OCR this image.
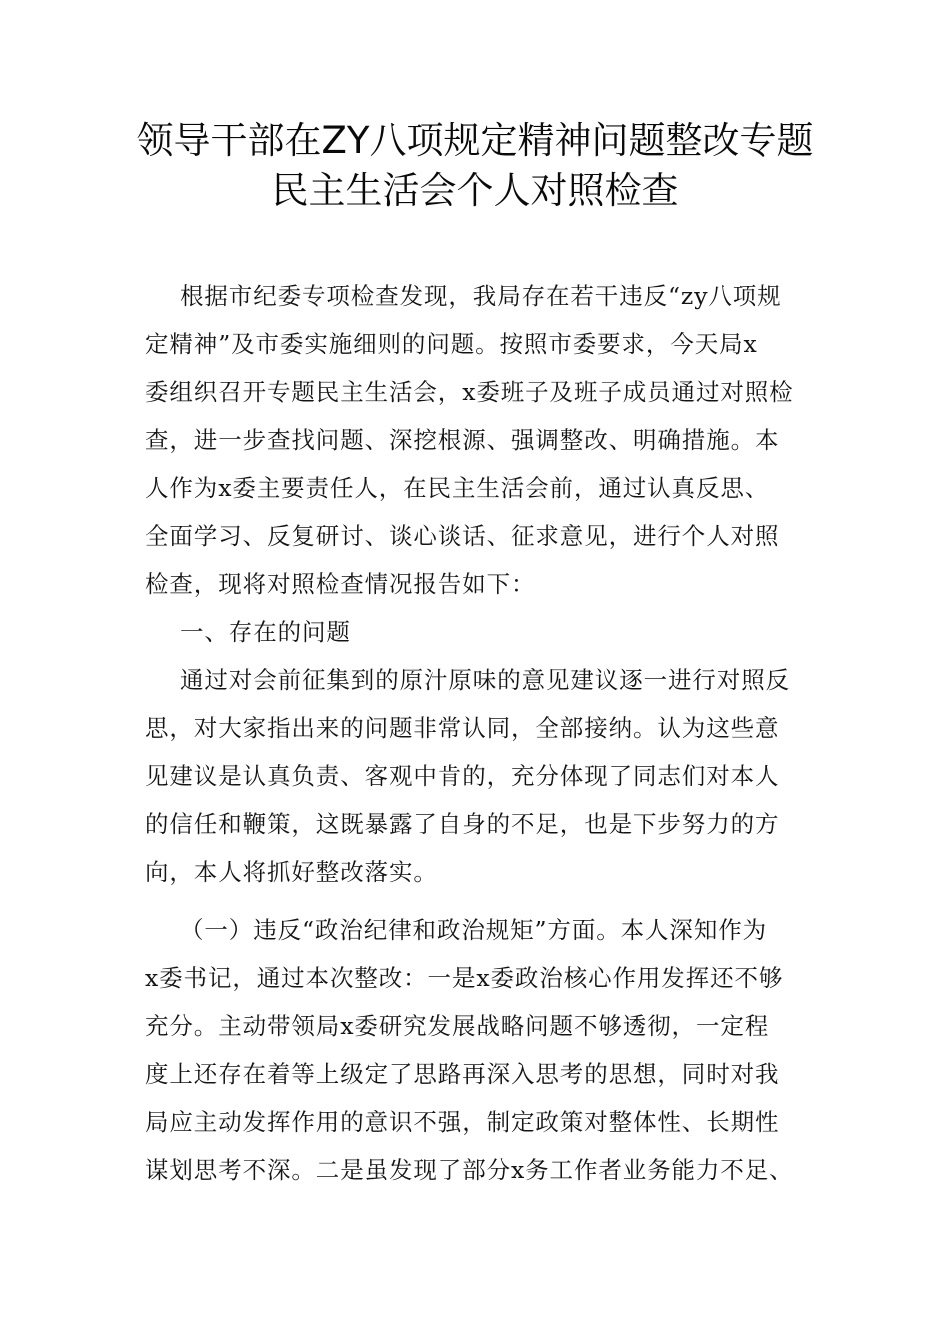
领导干部在ZY八项规定精神问题整改专题
民主生活会个人对照检查
根据市纪委专项检查发现，我局存在若干违反“zy八项规
定精神”及市委实施细则的问题。按照市委要求，今天局x
委组织召开专题民主生活会，x委班子及班子成员通过对照检
查，进一步查找问题、深挖根源、强调整改、明确措施。本
人作为x委主要责任人，在民主生活会前，通过认真反思、
全面学习、反复研讨、谈心谈话、征求意见，进行个人对照
检查，现将对照检查情况报告如下：
一、存在的问题
通过对会前征集到的原汁原味的意见建议逐一进行对照反
思，对大家指出来的问题非常认同，全部接纳。认为这些意
见建议是认真负责、客观中肯的，充分体现了同志们对本人
的信任和鞭策，这既暴露了自身的不足，也是下步努力的方
向，本人将抓好整改落实。
（一）违反“政治纪律和政治规矩”方面。本人深知作为
x委书记，通过本次整改：一是x委政治核心作用发挥还不够
充分。主动带领局x委研究发展战略问题不够透彻，一定程
度上还存在着等上级定了思路再深入思考的思想，同时对我
局应主动发挥作用的意识不强，制定政策对整体性、长期性
谋划思考不深。二是虽发现了部分x务工作者业务能力不足、
